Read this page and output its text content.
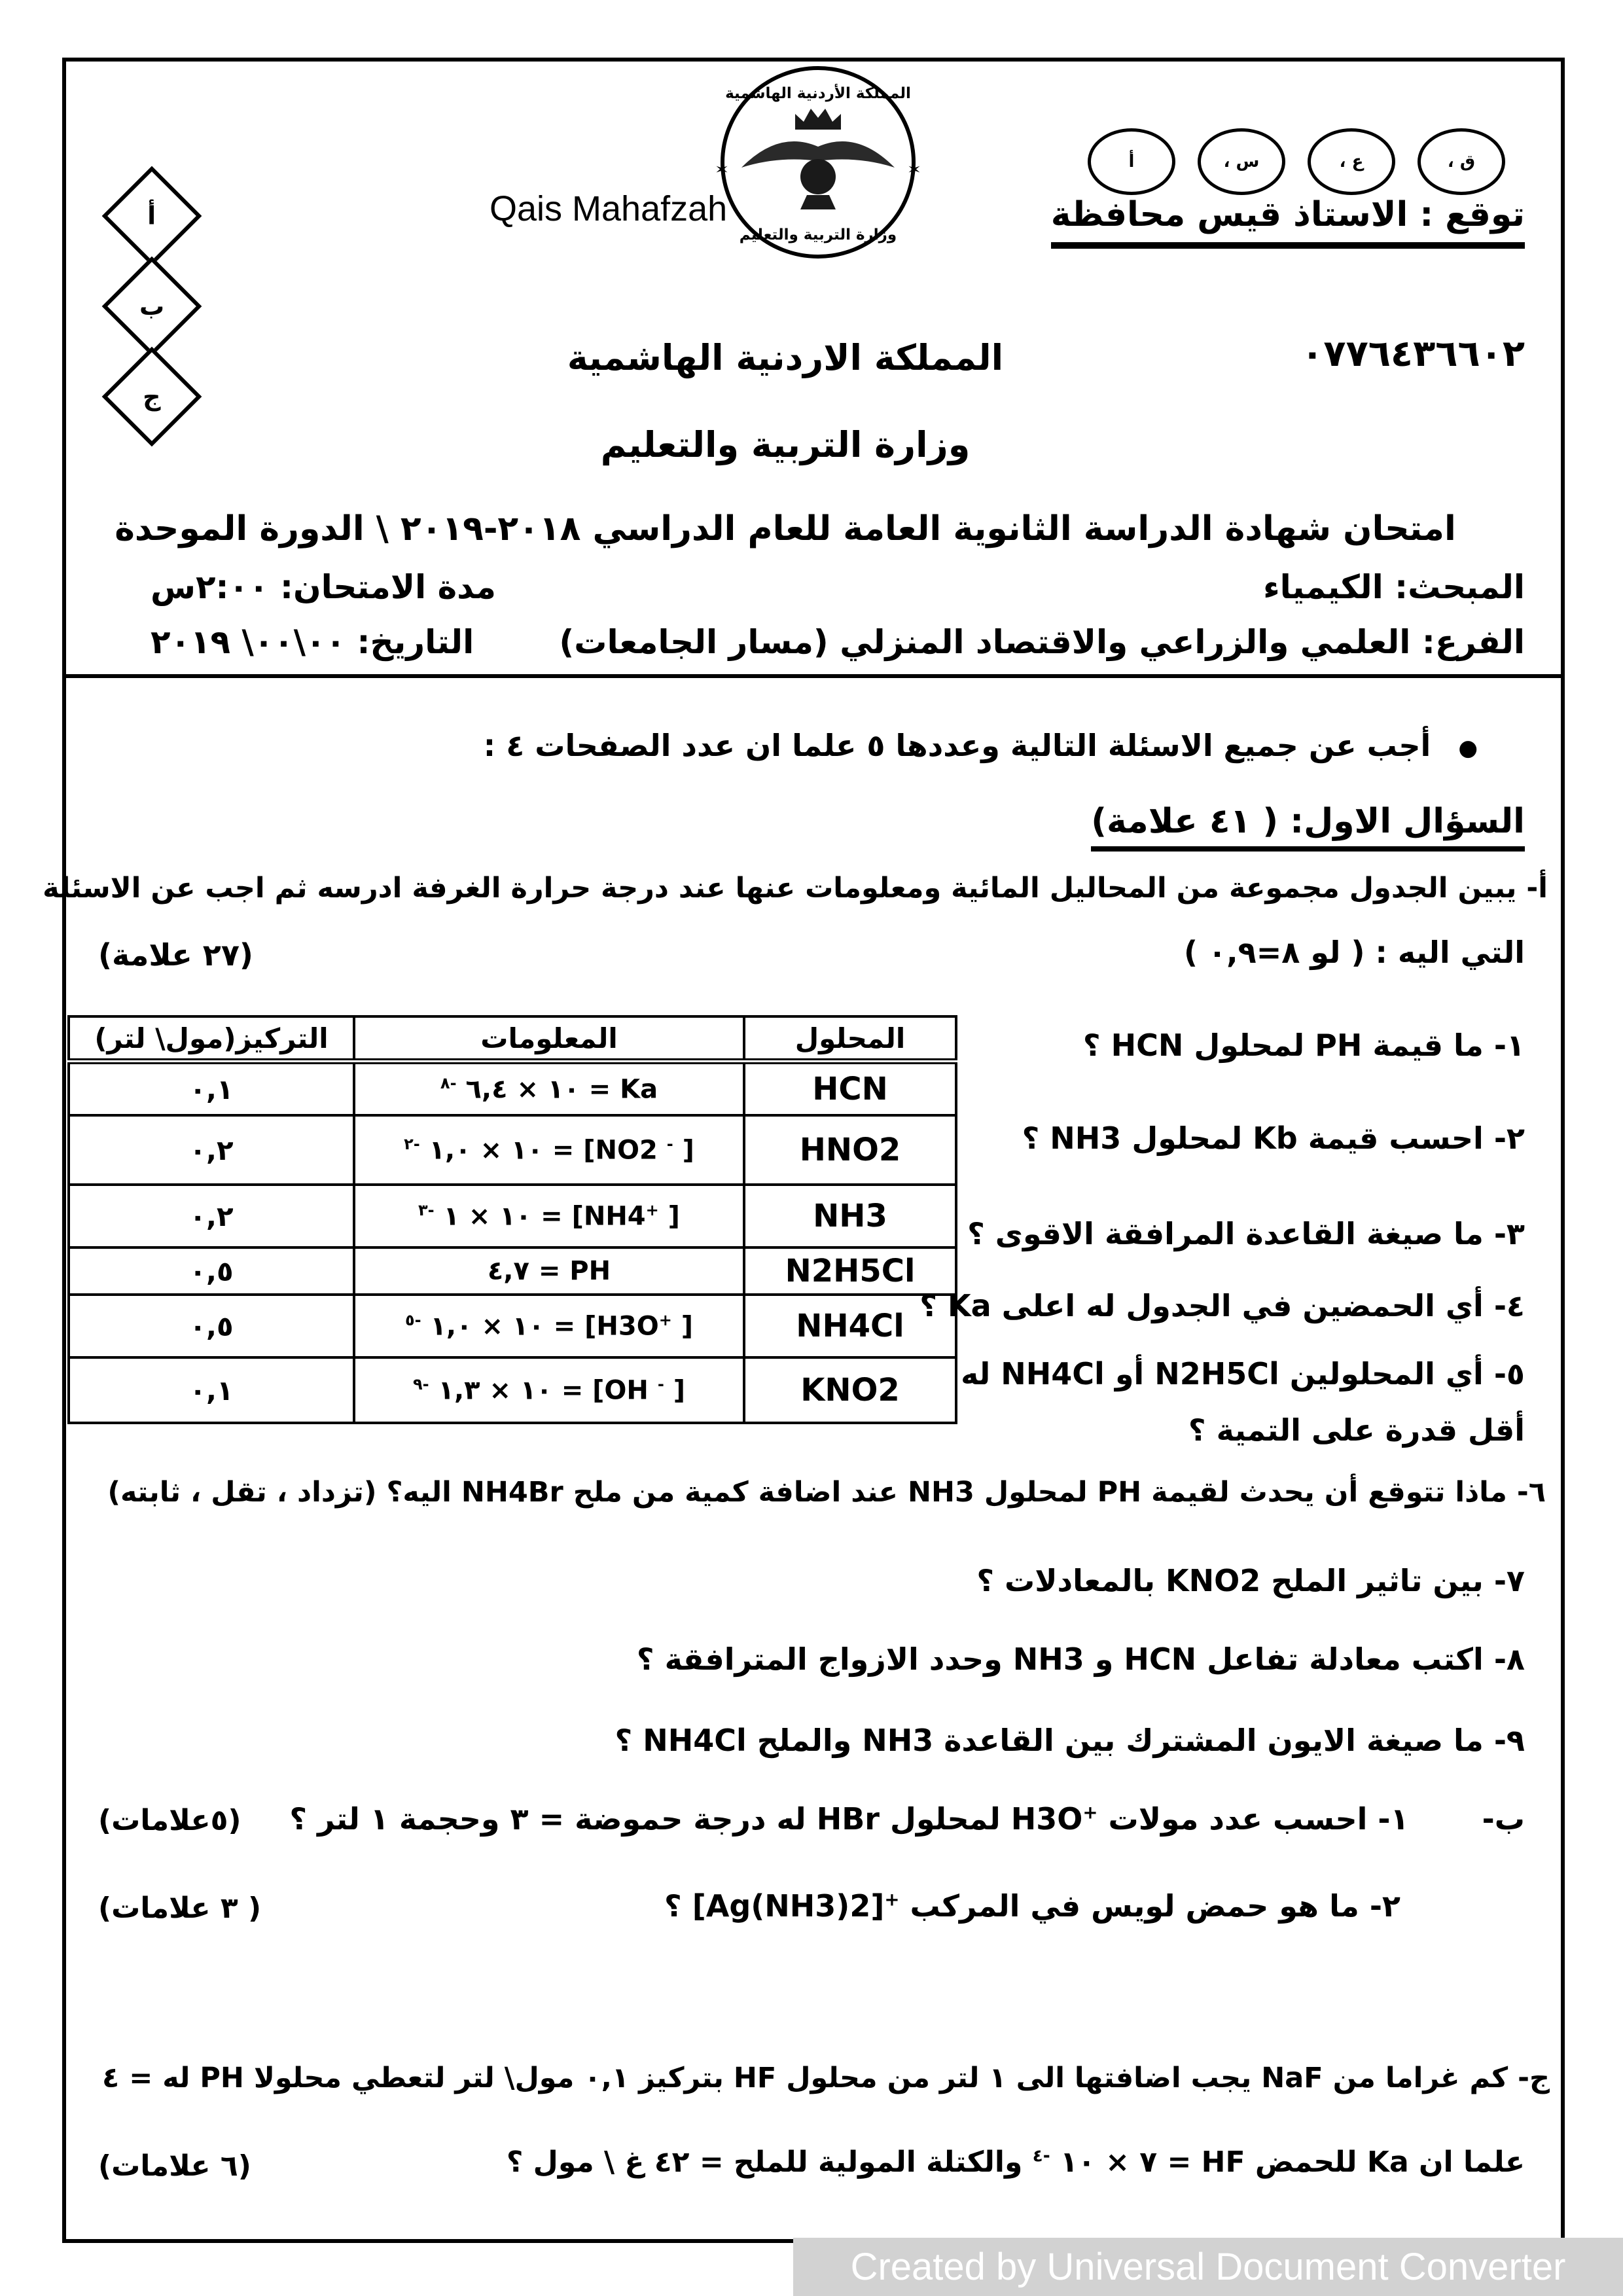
المملكة الأردنية الهاشمية
وزارة التربية والتعليم
✶	✶
Qais Mahafzah
ق ،
ع ،
س ،
أ
توقع : الاستاذ قيس محافظة
٠٧٧٦٤٣٦٦٠٢
المملكة الاردنية الهاشمية
وزارة التربية والتعليم
امتحان شهادة الدراسة الثانوية العامة للعام الدراسي ٢٠١٨-٢٠١٩ \ الدورة الموحدة
المبحث: الكيمياء
مدة الامتحان: ٢:٠٠س
الفرع: العلمي والزراعي والاقتصاد المنزلي (مسار الجامعات)
التاريخ: ٠٠\٠٠\ ٢٠١٩
أ
ب
ج
● أجب عن جميع الاسئلة التالية وعددها ٥ علما ان عدد الصفحات ٤ :
السؤال الاول: ( ٤١ علامة)
أ- يبين الجدول مجموعة من المحاليل المائية ومعلومات عنها عند درجة حرارة الغرفة ادرسه ثم اجب عن الاسئلة
التي اليه : ( لو ٨=٠,٩ )
(٢٧ علامة)
المحلول	المعلومات	التركيز(مول\ لتر)
HCN	$^{٨-}$ ١٠ × ٦,٤ = Ka	٠,١
HNO2	$^{٢-}$ ١٠ × ١,٠ = [NO2 - ]	٠,٢
NH3	$^{٣-}$ ١٠ × ١ = [NH4+ ]	٠,٢
N2H5Cl	٤,٧ = PH	٠,٥
NH4Cl	$^{٥-}$ ١٠ × ١,٠ = [H3O+ ]	٠,٥
KNO2	$^{٩-}$ ١٠ × ١,٣ = [OH - ]	٠,١
١- ما قيمة PH لمحلول HCN ؟
٢- احسب قيمة Kb لمحلول NH3 ؟
٣- ما صيغة القاعدة المرافقة الاقوى ؟
٤- أي الحمضين في الجدول له اعلى Ka ؟
٥- أي المحلولين N2H5Cl أو NH4Cl له
أقل قدرة على التمية ؟
٦- ماذا تتوقع أن يحدث لقيمة PH لمحلول NH3 عند اضافة كمية من ملح NH4Br اليه؟ (تزداد ، تقل ، ثابته)
٧- بين تاثير الملح KNO2 بالمعادلات ؟
٨- اكتب معادلة تفاعل HCN و NH3 وحدد الازواج المترافقة ؟
٩- ما صيغة الايون المشترك بين القاعدة NH3 والملح NH4Cl ؟
ب-       ١- احسب عدد مولات H3O+ لمحلول HBr له درجة حموضة = ٣ وحجمة ١ لتر ؟
(٥علامات)
٢- ما هو حمض لويس في المركب [Ag(NH3)2]+ ؟
( ٣ علامات)
ج- كم غراما من NaF يجب اضافتها الى ١ لتر من محلول HF بتركيز ٠,١ مول\ لتر لتعطي محلولا PH له = ٤
علما ان Ka للحمض HF = ٧ × ١٠ $^{٤-}$ والكتلة المولية للملح = ٤٢ غ \ مول ؟
(٦ علامات)
Created by Universal Document Converter
